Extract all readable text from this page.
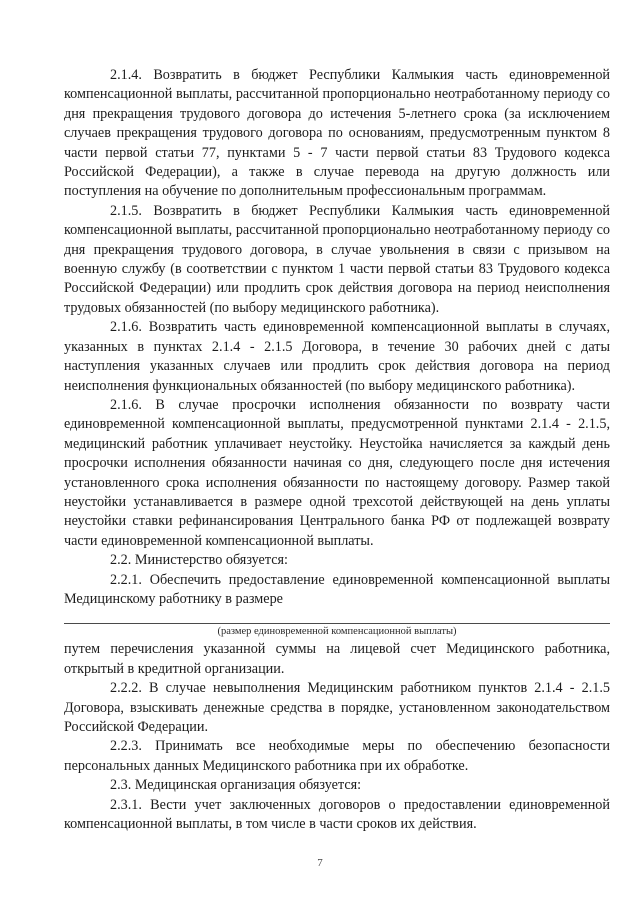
2.1.4. Возвратить в бюджет Республики Калмыкия часть единовременной компенсационной выплаты, рассчитанной пропорционально неотработанному периоду со дня прекращения трудового договора до истечения 5-летнего срока (за исключением случаев прекращения трудового договора по основаниям, предусмотренным пунктом 8 части первой статьи 77, пунктами 5 - 7 части первой статьи 83 Трудового кодекса Российской Федерации), а также в случае перевода на другую должность или поступления на обучение по дополнительным профессиональным программам.

2.1.5. Возвратить в бюджет Республики Калмыкия часть единовременной компенсационной выплаты, рассчитанной пропорционально неотработанному периоду со дня прекращения трудового договора, в случае увольнения в связи с призывом на военную службу (в соответствии с пунктом 1 части первой статьи 83 Трудового кодекса Российской Федерации) или продлить срок действия договора на период неисполнения трудовых обязанностей (по выбору медицинского работника).

2.1.6. Возвратить часть единовременной компенсационной выплаты в случаях, указанных в пунктах 2.1.4 - 2.1.5 Договора, в течение 30 рабочих дней с даты наступления указанных случаев или продлить срок действия договора на период неисполнения функциональных обязанностей (по выбору медицинского работника).

2.1.6. В случае просрочки исполнения обязанности по возврату части единовременной компенсационной выплаты, предусмотренной пунктами 2.1.4 - 2.1.5, медицинский работник уплачивает неустойку. Неустойка начисляется за каждый день просрочки исполнения обязанности начиная со дня, следующего после дня истечения установленного срока исполнения обязанности по настоящему договору. Размер такой неустойки устанавливается в размере одной трехсотой действующей на день уплаты неустойки ставки рефинансирования Центрального банка РФ от подлежащей возврату части единовременной компенсационной выплаты.

2.2. Министерство обязуется:

2.2.1. Обеспечить предоставление единовременной компенсационной выплаты Медицинскому работнику в размере

(размер единовременной компенсационной выплаты)

путем перечисления указанной суммы на лицевой счет Медицинского работника, открытый в кредитной организации.

2.2.2. В случае невыполнения Медицинским работником пунктов 2.1.4 - 2.1.5 Договора, взыскивать денежные средства в порядке, установленном законодательством Российской Федерации.

2.2.3. Принимать все необходимые меры по обеспечению безопасности персональных данных Медицинского работника при их обработке.

2.3. Медицинская организация обязуется:

2.3.1. Вести учет заключенных договоров о предоставлении единовременной компенсационной выплаты, в том числе в части сроков их действия.

7
